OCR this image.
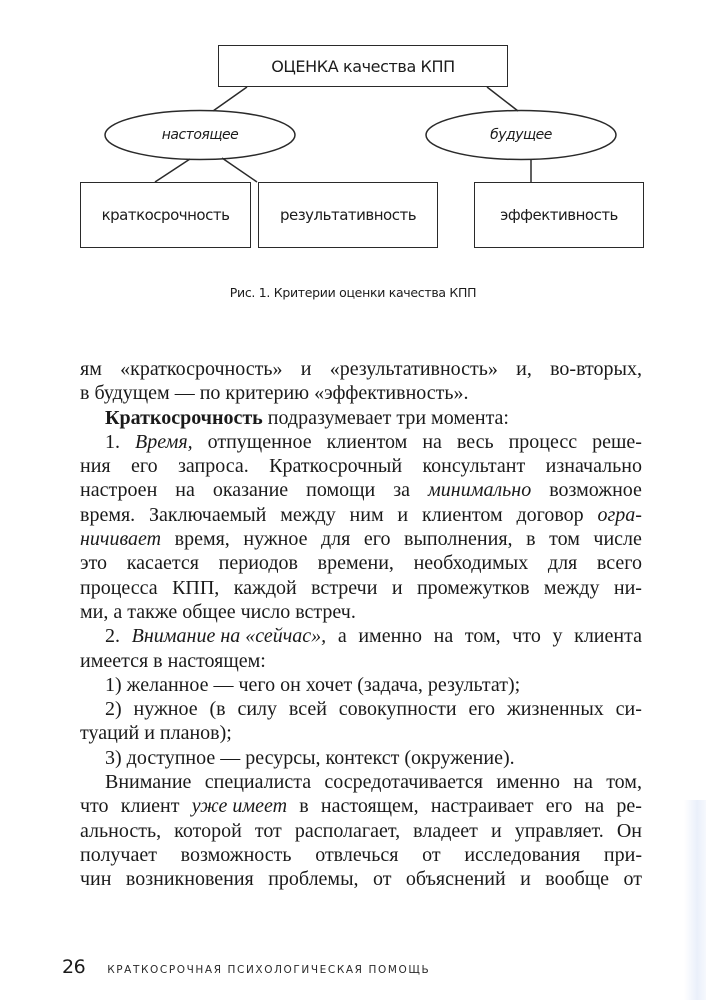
ОЦЕНКА качества КПП
настоящее	будущее
краткосрочность	результативность	эффективность
Рис. 1. Критерии оценки качества КПП
ям «краткосрочность» и «результативность» и, во-вторых,
в будущем — по критерию «эффективность».
Краткосрочность подразумевает три момента:
1. Время, отпущенное клиентом на весь процесс реше-
ния его запроса. Краткосрочный консультант изначально
настроен на оказание помощи за минимально возможное
время. Заключаемый между ним и клиентом договор огра-
ничивает время, нужное для его выполнения, в том числе
это касается периодов времени, необходимых для всего
процесса КПП, каждой встречи и промежутков между ни-
ми, а также общее число встреч.
2. Внимание на «сейчас», а именно на том, что у клиента
имеется в настоящем:
1) желанное — чего он хочет (задача, результат);
2) нужное (в силу всей совокупности его жизненных си-
туаций и планов);
3) доступное — ресурсы, контекст (окружение).
Внимание специалиста сосредотачивается именно на том,
что клиент уже имеет в настоящем, настраивает его на ре-
альность, которой тот располагает, владеет и управляет. Он
получает возможность отвлечься от исследования при-
чин возникновения проблемы, от объяснений и вообще от
26 КРАТКОСРОЧНАЯ ПСИХОЛОГИЧЕСКАЯ ПОМОЩЬ
